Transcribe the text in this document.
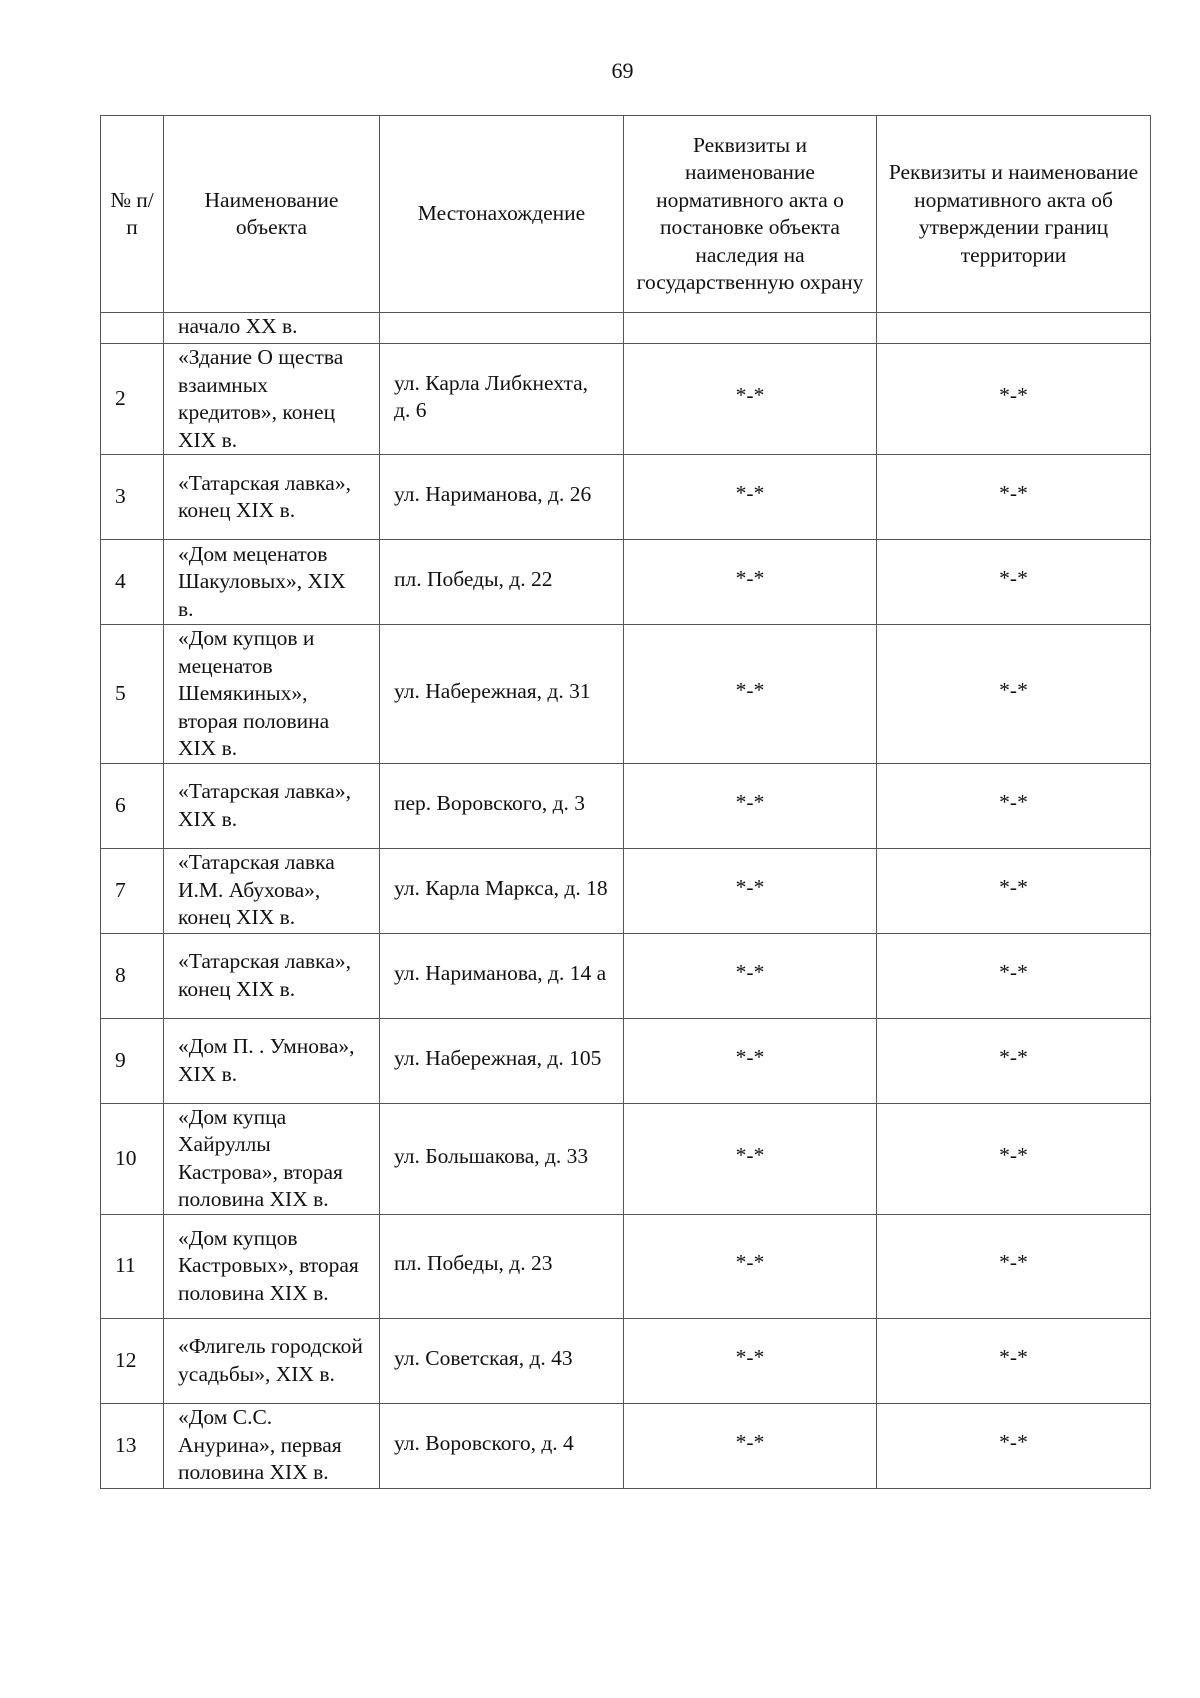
69
№ п/п	Наименование объекта	Местонахождение	Реквизиты и наименование нормативного акта о постановке объекта наследия на государственную охрану	Реквизиты и наименование нормативного акта об утверждении границ территории
	начало XX в.			
2	«Здание О щества взаимных кредитов», конец XIX в.	ул. Карла Либкнехта, д. 6	*-*	*-*
3	«Татарская лавка», конец XIX в.	ул. Нариманова, д. 26	*-*	*-*
4	«Дом меценатов Шакуловых», XIX в.	пл. Победы, д. 22	*-*	*-*
5	«Дом купцов и меценатов Шемякиных», вторая половина XIX в.	ул. Набережная, д. 31	*-*	*-*
6	«Татарская лавка», XIX в.	пер. Воровского, д. 3	*-*	*-*
7	«Татарская лавка И.М. Абухова», конец XIX в.	ул. Карла Маркса, д. 18	*-*	*-*
8	«Татарская лавка», конец XIX в.	ул. Нариманова, д. 14 а	*-*	*-*
9	«Дом П. . Умнова», XIX в.	ул. Набережная, д. 105	*-*	*-*
10	«Дом купца Хайруллы Кастрова», вторая половина XIX в.	ул. Большакова, д. 33	*-*	*-*
11	«Дом купцов Кастровых», вторая половина XIX в.	пл. Победы, д. 23	*-*	*-*
12	«Флигель городской усадьбы», XIX в.	ул. Советская, д. 43	*-*	*-*
13	«Дом С.С. Анурина», первая половина XIX в.	ул. Воровского, д. 4	*-*	*-*
